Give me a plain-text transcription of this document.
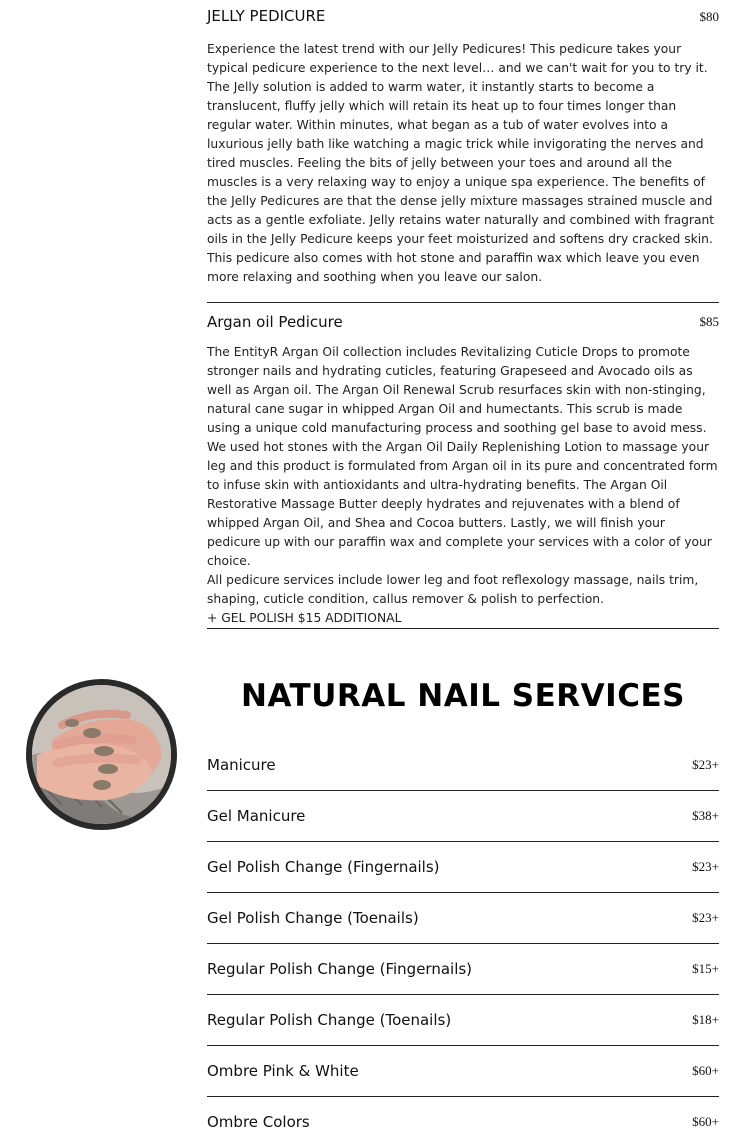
JELLY PEDICURE	$80

Experience the latest trend with our Jelly Pedicures! This pedicure takes your typical pedicure experience to the next level… and we can't wait for you to try it. The Jelly solution is added to warm water, it instantly starts to become a translucent, fluffy jelly which will retain its heat up to four times longer than regular water. Within minutes, what began as a tub of water evolves into a luxurious jelly bath like watching a magic trick while invigorating the nerves and tired muscles. Feeling the bits of jelly between your toes and around all the muscles is a very relaxing way to enjoy a unique spa experience. The benefits of the Jelly Pedicures are that the dense jelly mixture massages strained muscle and acts as a gentle exfoliate. Jelly retains water naturally and combined with fragrant oils in the Jelly Pedicure keeps your feet moisturized and softens dry cracked skin. This pedicure also comes with hot stone and paraffin wax which leave you even more relaxing and soothing when you leave our salon.

Argan oil Pedicure	$85

The EntityR Argan Oil collection includes Revitalizing Cuticle Drops to promote stronger nails and hydrating cuticles, featuring Grapeseed and Avocado oils as well as Argan oil. The Argan Oil Renewal Scrub resurfaces skin with non-stinging, natural cane sugar in whipped Argan Oil and humectants. This scrub is made using a unique cold manufacturing process and soothing gel base to avoid mess. We used hot stones with the Argan Oil Daily Replenishing Lotion to massage your leg and this product is formulated from Argan oil in its pure and concentrated form to infuse skin with antioxidants and ultra-hydrating benefits. The Argan Oil Restorative Massage Butter deeply hydrates and rejuvenates with a blend of whipped Argan Oil, and Shea and Cocoa butters. Lastly, we will finish your pedicure up with our paraffin wax and complete your services with a color of your choice.

All pedicure services include lower leg and foot reflexology massage, nails trim, shaping, cuticle condition, callus remover & polish to perfection.

+ GEL POLISH $15 ADDITIONAL

NATURAL NAIL SERVICES
Manicure	$23+
Gel Manicure	$38+
Gel Polish Change (Fingernails)	$23+
Gel Polish Change (Toenails)	$23+
Regular Polish Change (Fingernails)	$15+
Regular Polish Change (Toenails)	$18+
Ombre Pink & White	$60+
Ombre Colors	$60+
